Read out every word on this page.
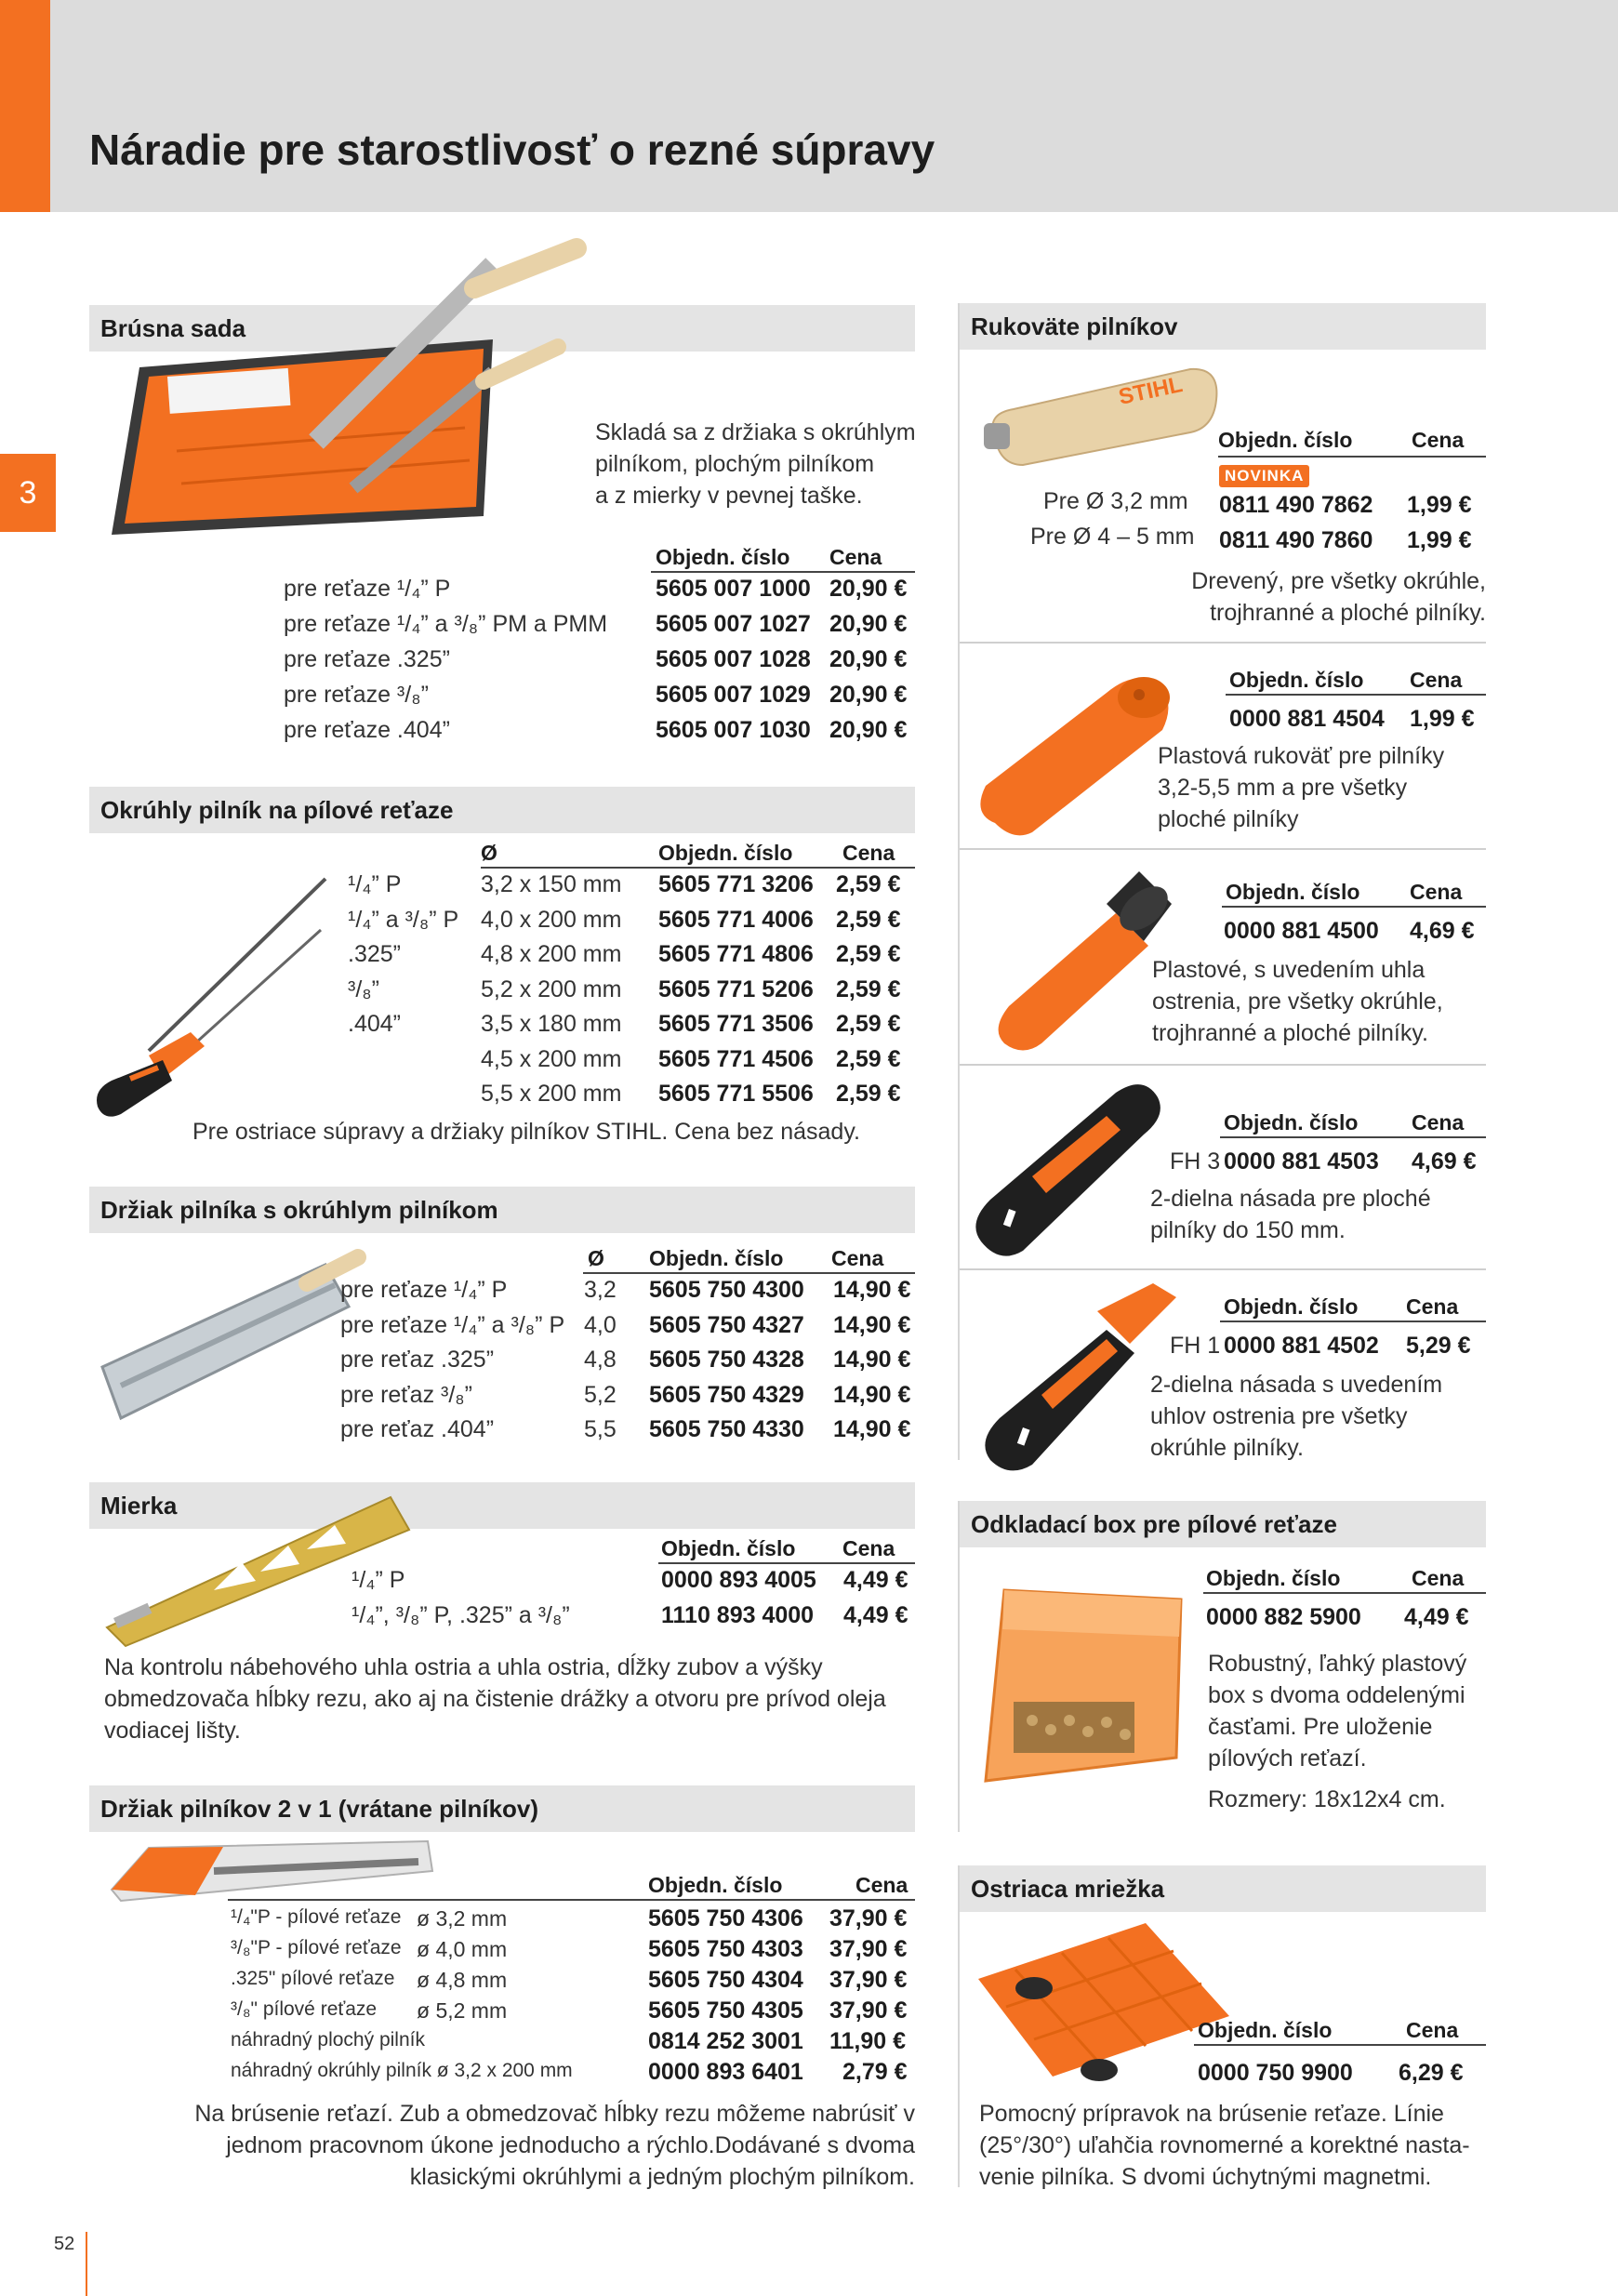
Náradie pre starostlivosť o rezné súpravy
3
Brúsna sada
Skladá sa z držiaka s okrúhlym
pilníkom, plochým pilníkom
a z mierky v pevnej taške.
Objedn. číslo Cena
pre reťaze ¹/₄” P	5605 007 1000 20,90 €
pre reťaze ¹/₄” a ³/₈” PM a PMM 5605 007 1027 20,90 €
pre reťaze .325”	5605 007 1028 20,90 €
pre reťaze ³/₈”	5605 007 1029 20,90 €
pre reťaze .404”	5605 007 1030 20,90 €
Okrúhly pilník na pílové reťaze
Ø	Objedn. číslo Cena
¹/₄” P	3,2 x 150 mm 5605 771 3206 2,59 €
¹/₄” a ³/₈” P 4,0 x 200 mm 5605 771 4006 2,59 €
.325”	4,8 x 200 mm 5605 771 4806 2,59 €
³/₈”	5,2 x 200 mm 5605 771 5206 2,59 €
.404”	3,5 x 180 mm 5605 771 3506 2,59 €
4,5 x 200 mm 5605 771 4506 2,59 €
5,5 x 200 mm 5605 771 5506 2,59 €
Pre ostriace súpravy a držiaky pilníkov STIHL. Cena bez násady.
Držiak pilníka s okrúhlym pilníkom
Ø Objedn. číslo Cena
pre reťaze ¹/₄” P	3,2 5605 750 4300 14,90 €
pre reťaze ¹/₄” a ³/₈” P 4,0 5605 750 4327 14,90 €
pre reťaz .325”	4,8 5605 750 4328 14,90 €
pre reťaz ³/₈”	5,2 5605 750 4329 14,90 €
pre reťaz .404”	5,5 5605 750 4330 14,90 €
Mierka
Objedn. číslo Cena
¹/₄” P	0000 893 4005 4,49 €
¹/₄”, ³/₈” P, .325” a ³/₈”	1110 893 4000 4,49 €
Na kontrolu nábehového uhla ostria a uhla ostria, dĺžky zubov a výšky
obmedzovača hĺbky rezu, ako aj na čistenie drážky a otvoru pre prívod oleja
vodiacej lišty.
Držiak pilníkov 2 v 1 (vrátane pilníkov)
Objedn. číslo	Cena
¹/₄"P - pílové reťaze ø 3,2 mm	5605 750 4306 37,90 €
³/₈"P - pílové reťaze ø 4,0 mm	5605 750 4303 37,90 €
.325" pílové reťaze ø 4,8 mm	5605 750 4304 37,90 €
³/₈" pílové reťaze ø 5,2 mm	5605 750 4305 37,90 €
náhradný plochý pilník	0814 252 3001 11,90 €
náhradný okrúhly pilník ø 3,2 x 200 mm	0000 893 6401 2,79 €
Na brúsenie reťazí. Zub a obmedzovač hĺbky rezu môžeme nabrúsiť v
jednom pracovnom úkone jednoducho a rýchlo.Dodávané s dvoma
klasickými okrúhlymi a jedným plochým pilníkom.
Rukoväte pilníkov
STIHL
Objedn. číslo	Cena
NOVINKA
Pre Ø 3,2 mm 0811 490 7862 1,99 €
Pre Ø 4 – 5 mm 0811 490 7860 1,99 €
Drevený, pre všetky okrúhle,
trojhranné a ploché pilníky.
Objedn. číslo Cena
0000 881 4504 1,99 €
Plastová rukoväť pre pilníky
3,2-5,5 mm a pre všetky
ploché pilníky
Objedn. číslo Cena
0000 881 4500 4,69 €
Plastové, s uvedením uhla
ostrenia, pre všetky okrúhle,
trojhranné a ploché pilníky.
Objedn. číslo	Cena
FH 3 0000 881 4503 4,69 €
2-dielna násada pre ploché
pilníky do 150 mm.
Objedn. číslo Cena
FH 1 0000 881 4502 5,29 €
2-dielna násada s uvedením
uhlov ostrenia pre všetky
okrúhle pilníky.
Odkladací box pre pílové reťaze
Objedn. číslo	Cena
0000 882 5900 4,49 €
Robustný, ľahký plastový
box s dvoma oddelenými
časťami. Pre uloženie
pílových reťazí.
Rozmery: 18x12x4 cm.
Ostriaca mriežka
Objedn. číslo	Cena
0000 750 9900 6,29 €
Pomocný prípravok na brúsenie reťaze. Línie
(25°/30°) uľahčia rovnomerné a korektné nasta-
venie pilníka. S dvomi úchytnými magnetmi.
52
